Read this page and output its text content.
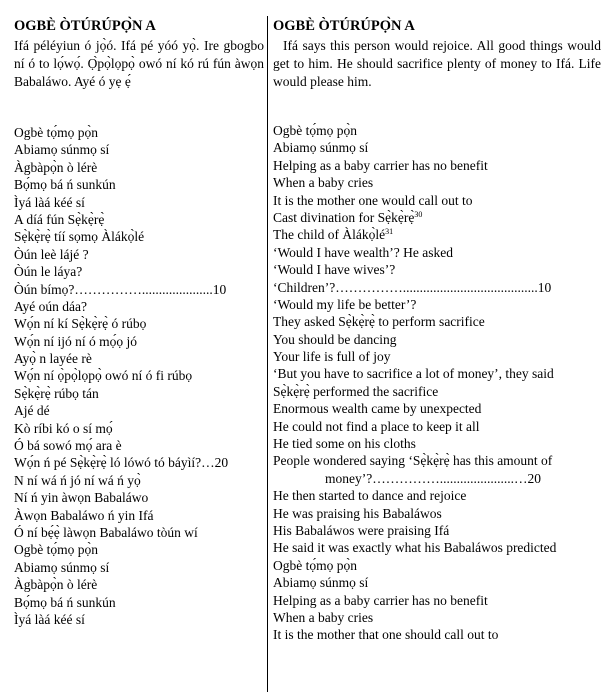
OGBÈ ÒTÚRÚPỌ̀N A
Ifá péléyiun ó jọ̀ó. Ifá pé yóó yọ̀. Ire gbogbo ní ó to lọ́wọ́. Ọ̀pọ̀lọpọ̀ owó ní kó rú fún àwọn Babaláwo. Ayé ó yẹ ẹ́
Ogbè tọ́mọ pọ̀n
Abiamọ súnmọ sí
Àgbàpọ̀n ò lérè
Bọ́mọ bá ń sunkún
Ìyá làá kéé sí
A díá fún Sẹ̀kẹ̀rẹ̀
Sẹ̀kẹ̀rẹ̀ tíí sọmọ Àlákọ̀lé
Òún leè lájé ?
Òún le láya?
Òún bímọ?…………….....................10
Ayé oún dáa?
Wọ́n ní kí Sẹ̀kẹ̀rẹ̀ ó rúbọ
Wọ́n ní ijó ní ó mọ́ọ jó
Ayọ̀ n layée rè
Wọ́n ní ọ̀pọ̀lọpọ̀ owó ní ó fi rúbọ
Sẹ̀kẹ̀rẹ̀ rúbọ tán
Ajé dé
Kò ríbi kó o sí mọ́
Ó bá sowó mọ́ ara è
Wọ́n ń pé Sẹ̀kẹ̀rẹ̀ ló lówó tó báyìí?…20
N ní wá ń jó ní wá ń yọ̀
Ní ń yin àwọn Babaláwo
Àwọn Babaláwo ń yin Ifá
Ó ní bẹ́ẹ̀ làwọn Babaláwo tòún wí
Ogbè tọ́mọ pọ̀n
Abiamọ súnmọ sí
Àgbàpọ̀n ò lérè
Bọ́mọ bá ń sunkún
Ìyá làá kéé sí
OGBÈ ÒTÚRÚPỌ̀N A
Ifá says this person would rejoice. All good things would get to him. He should sacrifice plenty of money to Ifá. Life would please him.
Ogbè tọ́mọ pọ̀n
Abiamọ súnmọ sí
Helping as a baby carrier has no benefit
When a baby cries
It is the mother one would call out to
Cast divination for Sẹ̀kẹ̀rẹ̀$^{30}$
The child of $Àlákọ̀lé^{31}$
‘Would I have wealth’? He asked
‘Would I have wives’?
‘Children’?……………........................................10
‘Would my life be better’?
They asked Sẹ̀kẹ̀rẹ̀ to perform sacrifice
You should be dancing
Your life is full of joy
‘But you have to sacrifice a lot of money’, they said
Sẹ̀kẹ̀rẹ̀ performed the sacrifice
Enormous wealth came by unexpected
He could not find a place to keep it all
He tied some on his cloths
People wondered saying ‘Sẹ̀kẹ̀rẹ̀ has this amount of
money’?……………......................…20
He then started to dance and rejoice
He was praising his Babaláwos
His Babaláwos were praising Ifá
He said it was exactly what his Babaláwos predicted
Ogbè tọ́mọ pọ̀n
Abiamọ súnmọ sí
Helping as a baby carrier has no benefit
When a baby cries
It is the mother that one should call out to
